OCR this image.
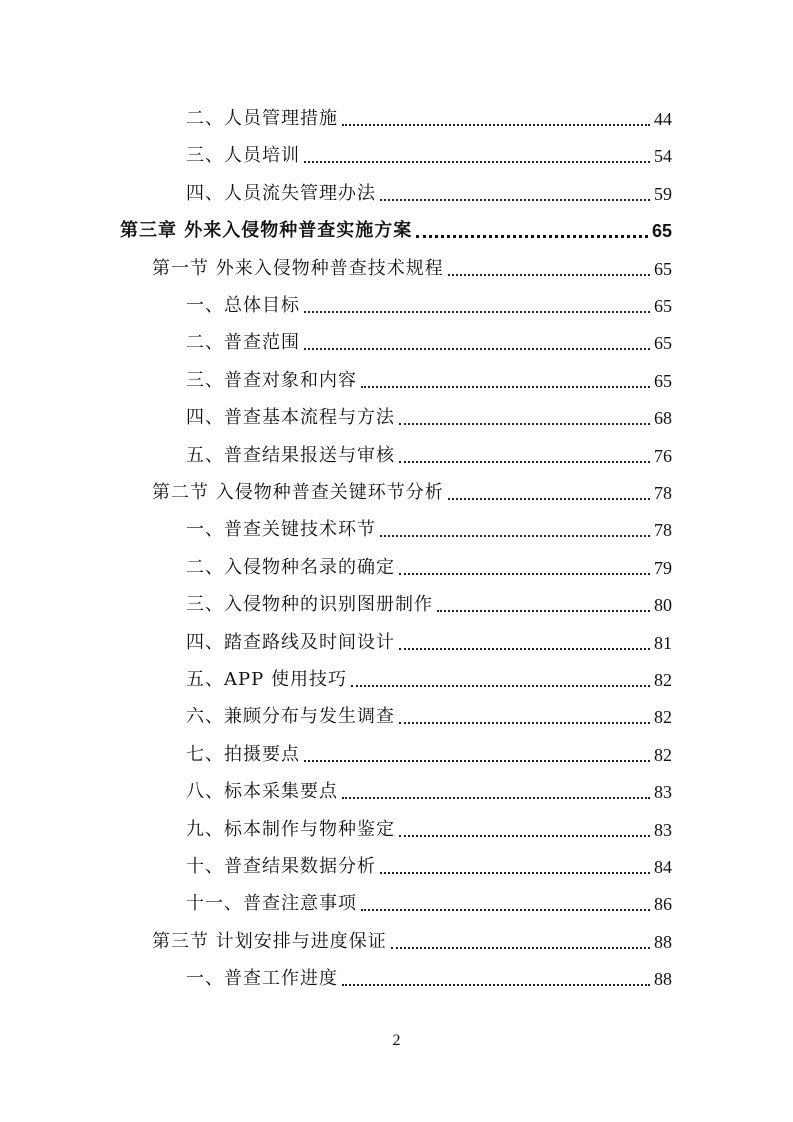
二、人员管理措施	44
三、人员培训	54
四、人员流失管理办法	59
第三章 外来入侵物种普查实施方案	65
第一节 外来入侵物种普查技术规程	65
一、总体目标	65
二、普查范围	65
三、普查对象和内容	65
四、普查基本流程与方法	68
五、普查结果报送与审核	76
第二节 入侵物种普查关键环节分析	78
一、普查关键技术环节	78
二、入侵物种名录的确定	79
三、入侵物种的识别图册制作	80
四、踏查路线及时间设计	81
五、APP 使用技巧	82
六、兼顾分布与发生调查	82
七、拍摄要点	82
八、标本采集要点	83
九、标本制作与物种鉴定	83
十、普查结果数据分析	84
十一、普查注意事项	86
第三节 计划安排与进度保证	88
一、普查工作进度	88
2
